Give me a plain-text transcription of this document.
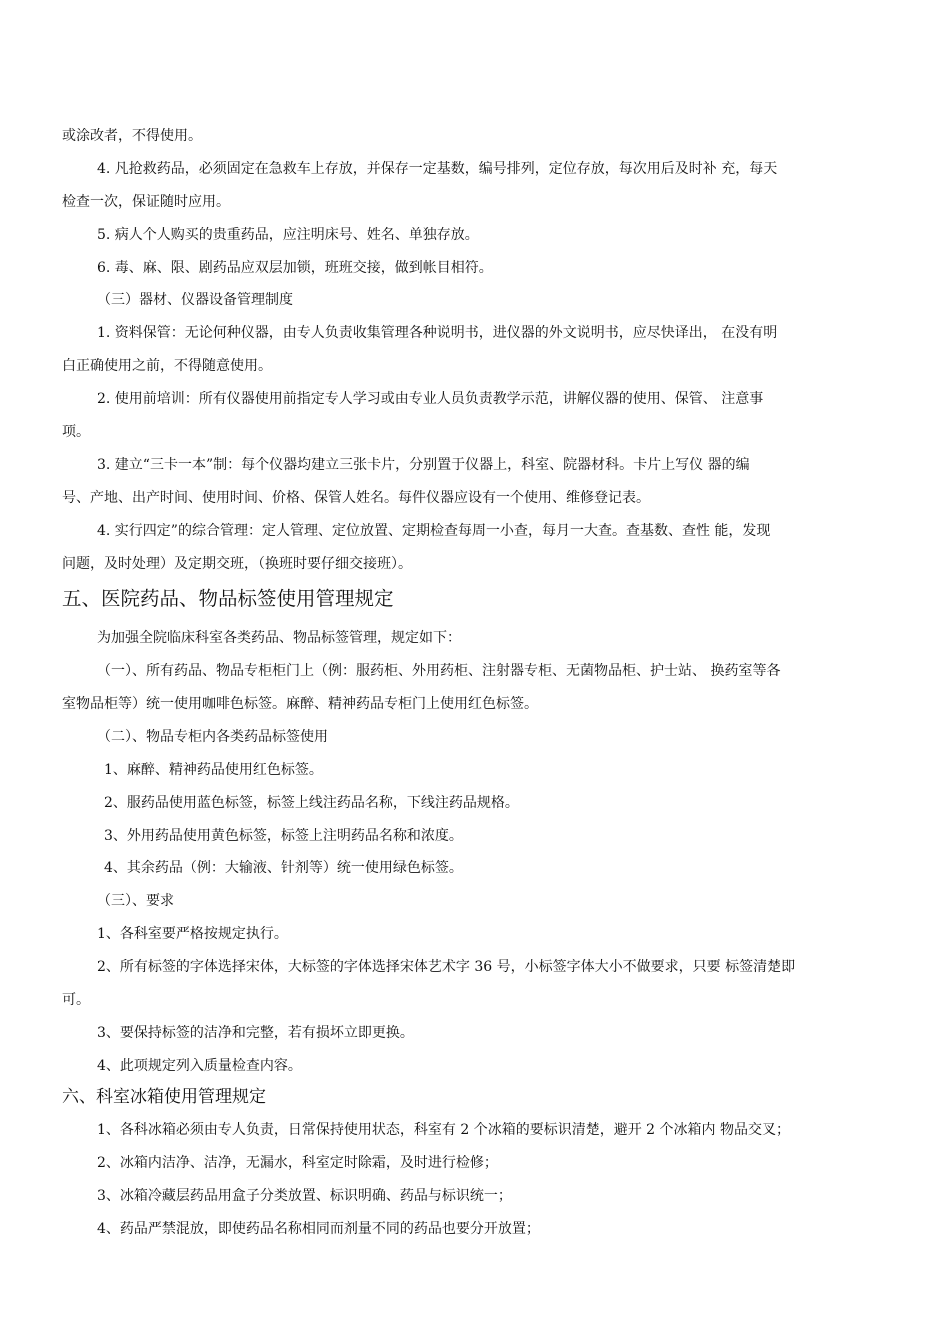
或涂改者，不得使用。
4. 凡抢救药品，必须固定在急救车上存放，并保存一定基数，编号排列，定位存放，每次用后及时补 充，每天
检查一次，保证随时应用。
5. 病人个人购买的贵重药品，应注明床号、姓名、单独存放。
6. 毒、麻、限、剧药品应双层加锁，班班交接，做到帐目相符。
（三）器材、仪器设备管理制度
1. 资料保管：无论何种仪器，由专人负责收集管理各种说明书，进仪器的外文说明书，应尽快译出， 在没有明
白正确使用之前，不得随意使用。
2. 使用前培训：所有仪器使用前指定专人学习或由专业人员负责教学示范，讲解仪器的使用、保管、 注意事
项。
3. 建立“三卡一本”制：每个仪器均建立三张卡片，分别置于仪器上，科室、院器材科。卡片上写仪 器的编
号、产地、出产时间、使用时间、价格、保管人姓名。每件仪器应设有一个使用、维修登记表。
4. 实行四定”的综合管理：定人管理、定位放置、定期检查每周一小查，每月一大查。查基数、查性 能，发现
问题，及时处理）及定期交班，（换班时要仔细交接班）。
五、医院药品、物品标签使用管理规定
为加强全院临床科室各类药品、物品标签管理，规定如下：
（一）、所有药品、物品专柜柜门上（例：服药柜、外用药柜、注射器专柜、无菌物品柜、护士站、 换药室等各
室物品柜等）统一使用咖啡色标签。麻醉、精神药品专柜门上使用红色标签。
（二）、物品专柜内各类药品标签使用
1、麻醉、精神药品使用红色标签。
2、服药品使用蓝色标签，标签上线注药品名称，下线注药品规格。
3、外用药品使用黄色标签，标签上注明药品名称和浓度。
4、其余药品（例：大输液、针剂等）统一使用绿色标签。
（三）、要求
1、各科室要严格按规定执行。
2、所有标签的字体选择宋体，大标签的字体选择宋体艺术字 36 号，小标签字体大小不做要求，只要 标签清楚即
可。
3、要保持标签的洁净和完整，若有损坏立即更换。
4、此项规定列入质量检查内容。
六、科室冰箱使用管理规定
1、各科冰箱必须由专人负责，日常保持使用状态，科室有 2 个冰箱的要标识清楚，避开 2 个冰箱内 物品交叉；
2、冰箱内洁净、洁净，无漏水，科室定时除霜，及时进行检修；
3、冰箱冷藏层药品用盒子分类放置、标识明确、药品与标识统一；
4、药品严禁混放，即使药品名称相同而剂量不同的药品也要分开放置；
